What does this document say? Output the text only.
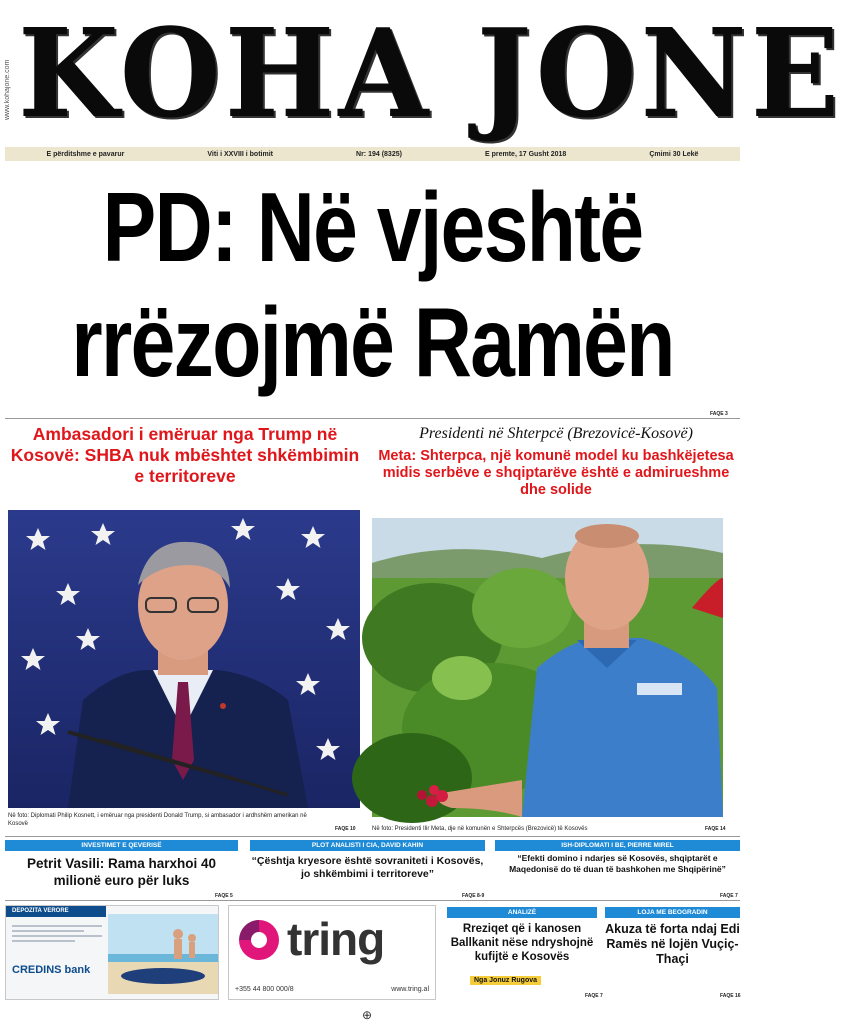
www.kohajone.com KOHA JONE
E përditshme e pavarur	Viti i XXVIII i botimit	Nr: 194 (8325)	E premte, 17 Gusht 2018	Çmimi 30 Lekë
PD: Në vjeshtë
rrëzojmë Ramën
FAQE 3
Ambasadori i emëruar nga Trump në Kosovë: SHBA nuk mbështet shkëmbimin e territoreve
Në foto: Diplomati Philip Kosnett, i emëruar nga presidenti Donald Trump, si ambasador i ardhshëm amerikan në Kosovë
FAQE 10
Presidenti në Shterpcë (Brezovicë-Kosovë)
Meta: Shterpca, një komunë model ku bashkëjetesa midis serbëve e shqiptarëve është e admirueshme dhe solide
Në foto: Presidenti Ilir Meta, dje në komunën e Shterpcës (Brezovicë) të Kosovës	FAQE 14
INVESTIMET E QEVERISË
Petrit Vasili: Rama harxhoi 40 milionë euro për luks
FAQE 5
PLOT ANALISTI I CIA, DAVID KAHIN
“Çështja kryesore është sovraniteti i Kosovës, jo shkëmbimi i territoreve”
FAQE 8-9
ISH-DIPLOMATI I BE, PIERRE MIREL
“Efekti domino i ndarjes së Kosovës, shqiptarët e Maqedonisë do të duan të bashkohen me Shqipërinë”
FAQE 7
DEPOZITA VERORE
CREDINS bank
tring
+355 44 800 000/8	www.tring.al
ANALIZË
Rreziqet që i kanosen Ballkanit nëse ndryshojnë kufijtë e Kosovës
Nga Jonuz Rugova
FAQE 7
LOJA ME BEOGRADIN
Akuza të forta ndaj Edi Ramës në lojën Vuçiç-Thaçi
FAQE 16
⊕
